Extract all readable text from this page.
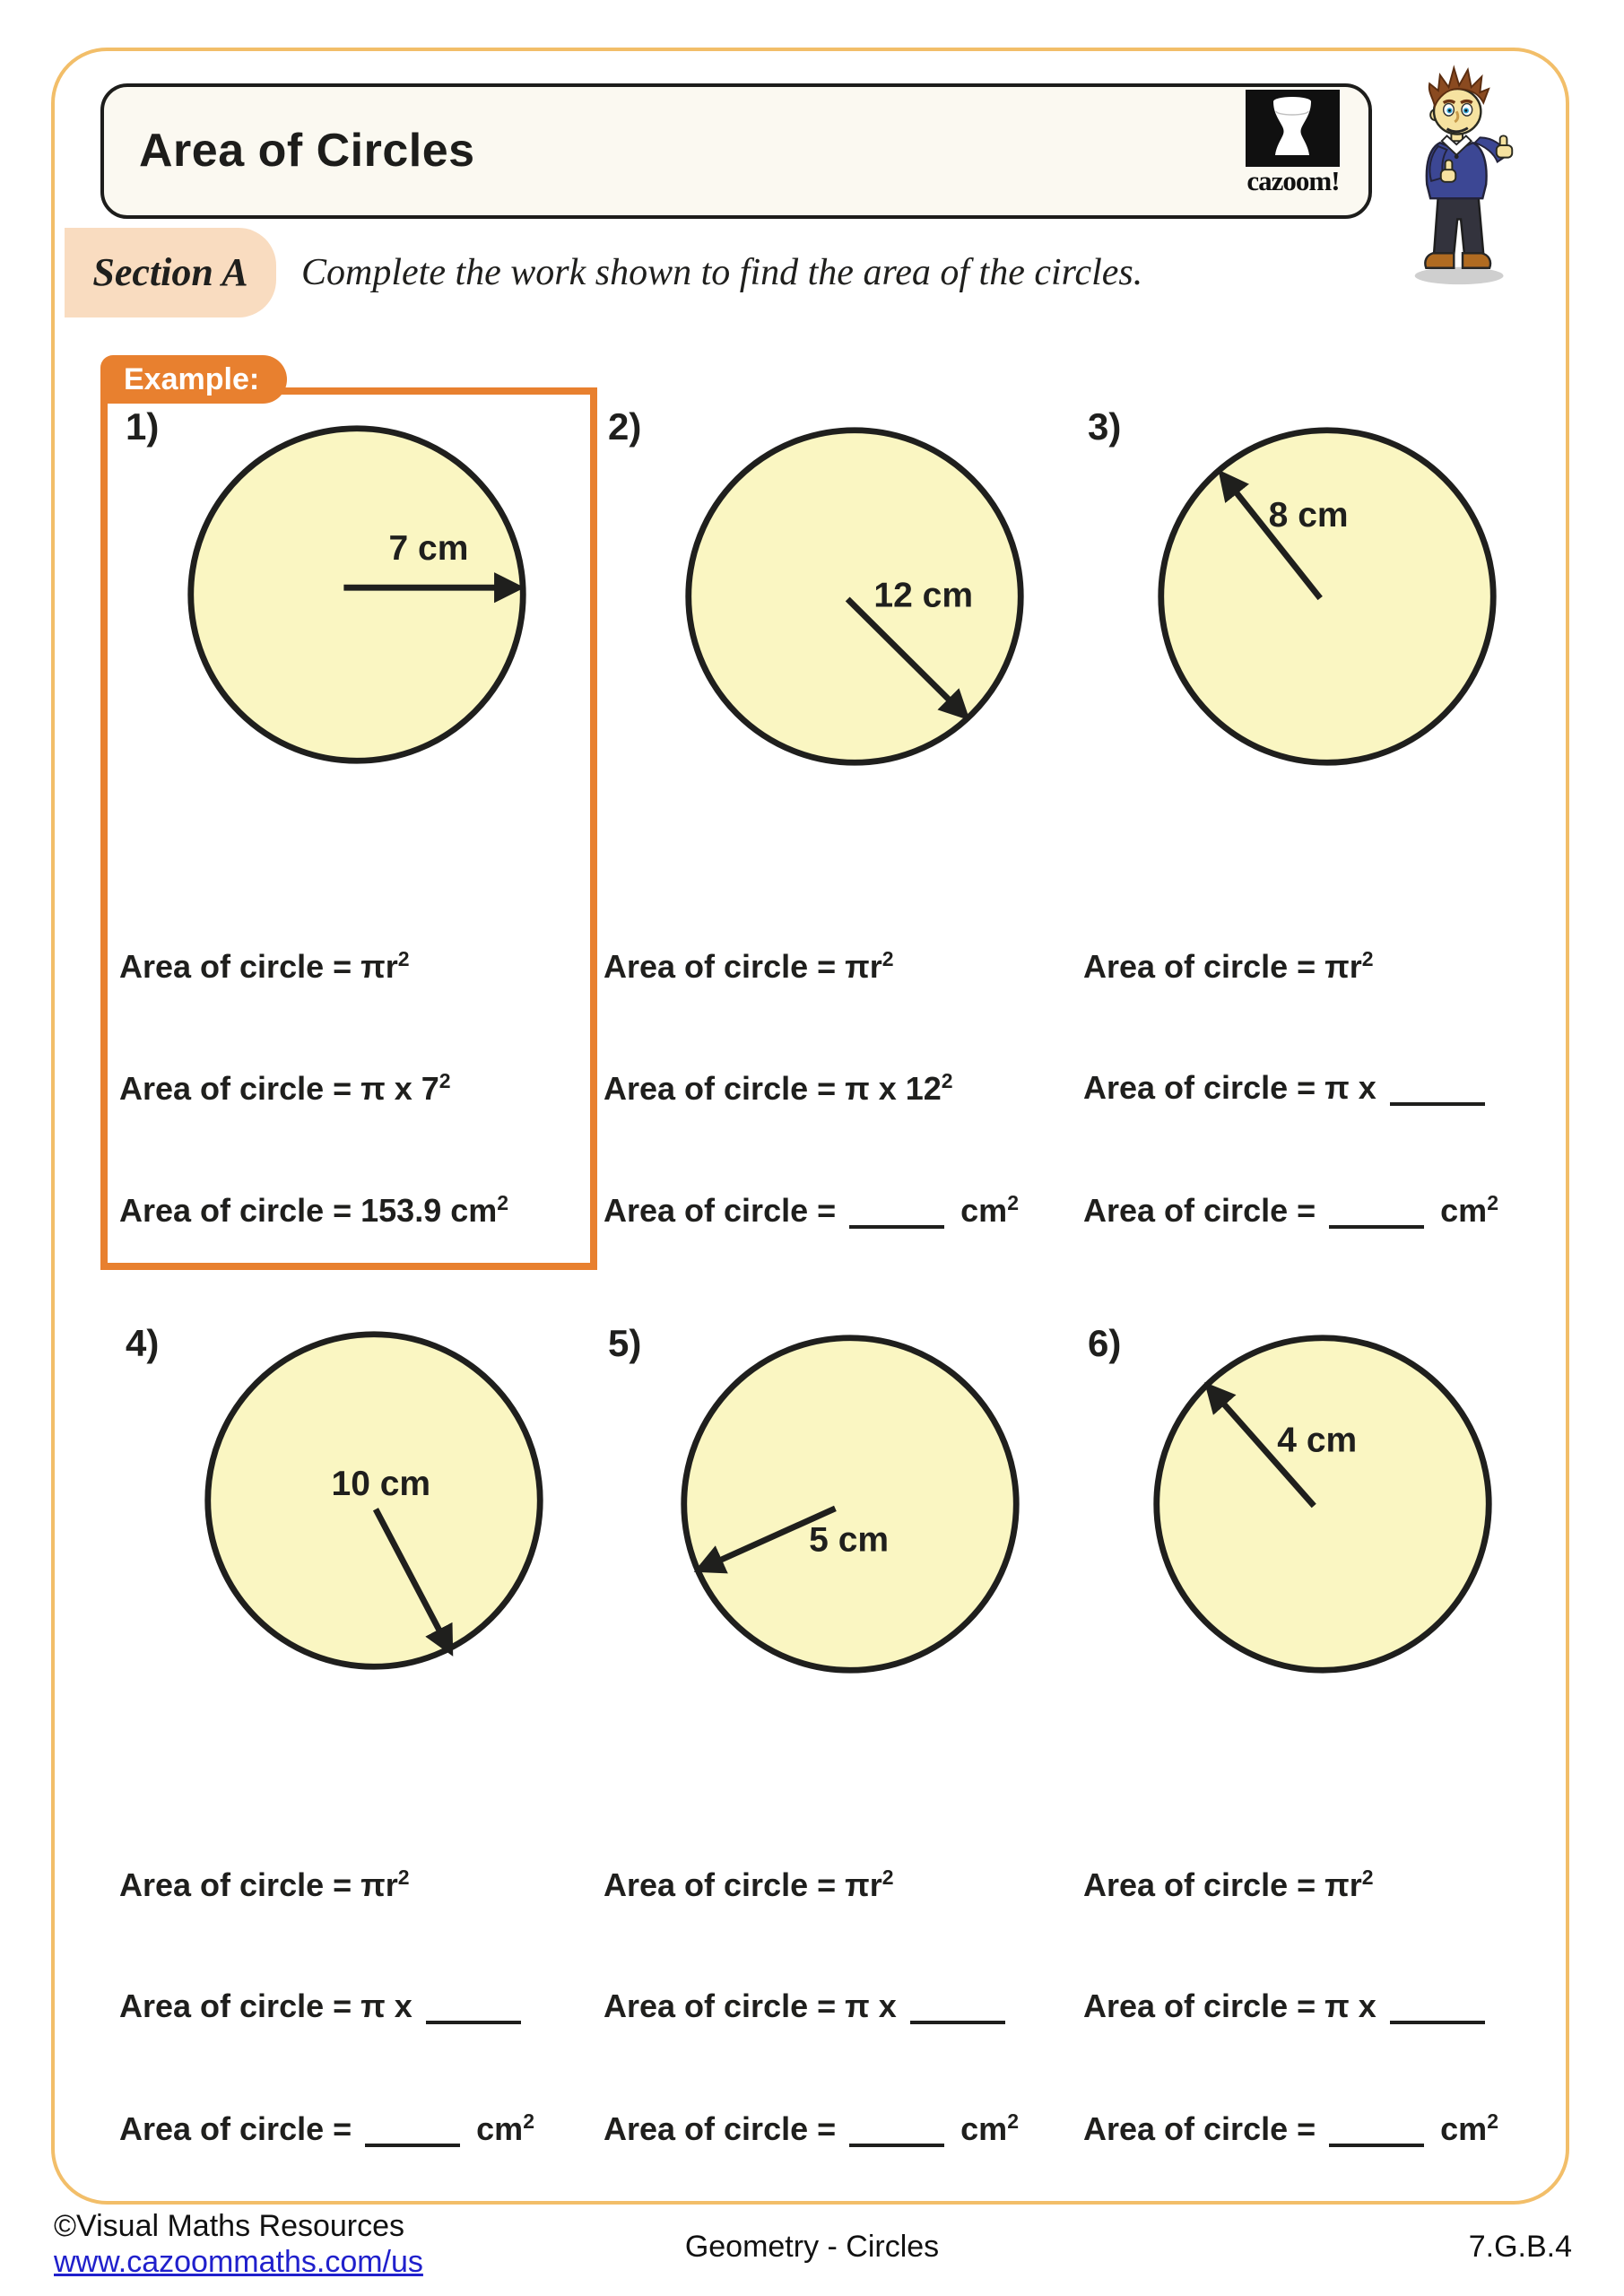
Area of Circles
cazoom!
Section A	Complete the work shown to find the area of the circles.
Example:
1)	2)	3)
4)	5)	6)
7 cm
12 cm
8 cm
10 cm
5 cm
4 cm
Area of circle = $\pi r^2$
Area of circle = π x $7^2$
Area of circle = 153.9 $cm^2$
Area of circle = $\pi r^2$
Area of circle = π x $12^2$
Area of circle =	$cm^2$
Area of circle = $\pi r^2$
Area of circle = π x
Area of circle =	$cm^2$
Area of circle = $\pi r^2$
Area of circle = π x
Area of circle =	$cm^2$
Area of circle = $\pi r^2$
Area of circle = π x
Area of circle =	$cm^2$
Area of circle = $\pi r^2$
Area of circle = π x
Area of circle =	$cm^2$
©Visual Maths Resources
www.cazoommaths.com/us	Geometry - Circles	7.G.B.4
